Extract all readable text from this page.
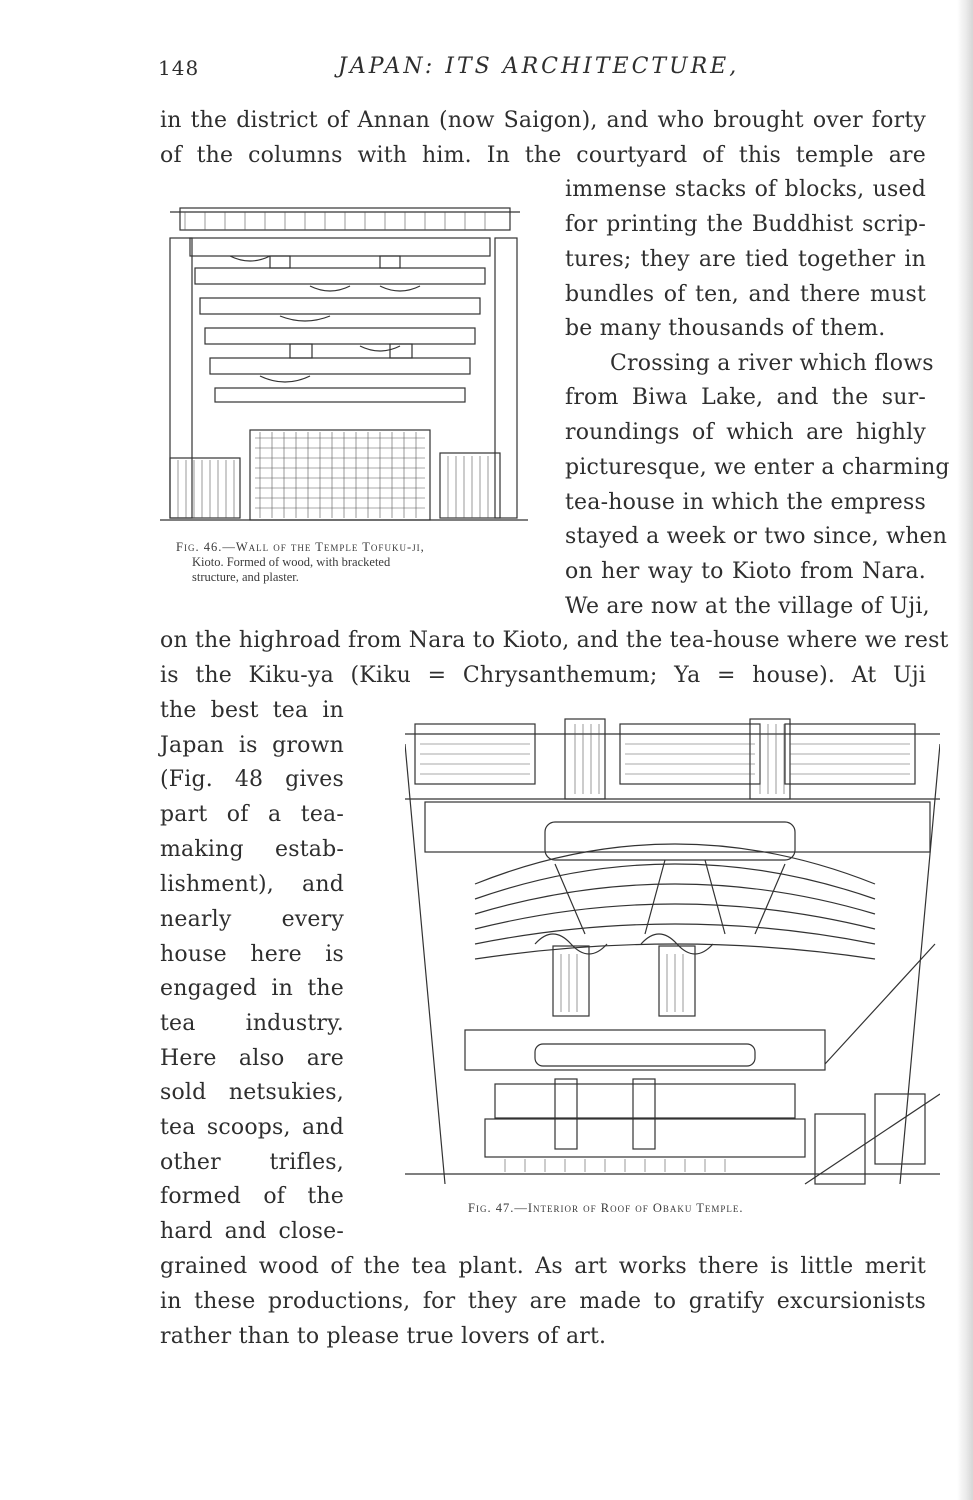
148	JAPAN: ITS ARCHITECTURE,
Fig. 46.—Wall of the Temple Tofuku-ji,
Kioto. Formed of wood, with bracketed
structure, and plaster.
Fig. 47.—Interior of Roof of Obaku Temple.
in the district of Annan (now Saigon), and who brought over forty
of the columns with him. In the courtyard of this temple are
immense stacks of blocks, used
for printing the Buddhist scrip-
tures; they are tied together in
bundles of ten, and there must
be many thousands of them.
Crossing a river which flows
from Biwa Lake, and the sur-
roundings of which are highly
picturesque, we enter a charming
tea-house in which the empress
stayed a week or two since, when
on her way to Kioto from Nara.
We are now at the village of Uji,
on the highroad from Nara to Kioto, and the tea-house where we rest
is the Kiku-ya (Kiku = Chrysanthemum; Ya = house). At Uji
the best tea in
Japan is grown
(Fig. 48 gives
part of a tea-
making estab-
lishment), and
nearly every
house here is
engaged in the
tea industry.
Here also are
sold netsukies,
tea scoops, and
other trifles,
formed of the
hard and close-
grained wood of the tea plant. As art works there is little merit
in these productions, for they are made to gratify excursionists
rather than to please true lovers of art.
